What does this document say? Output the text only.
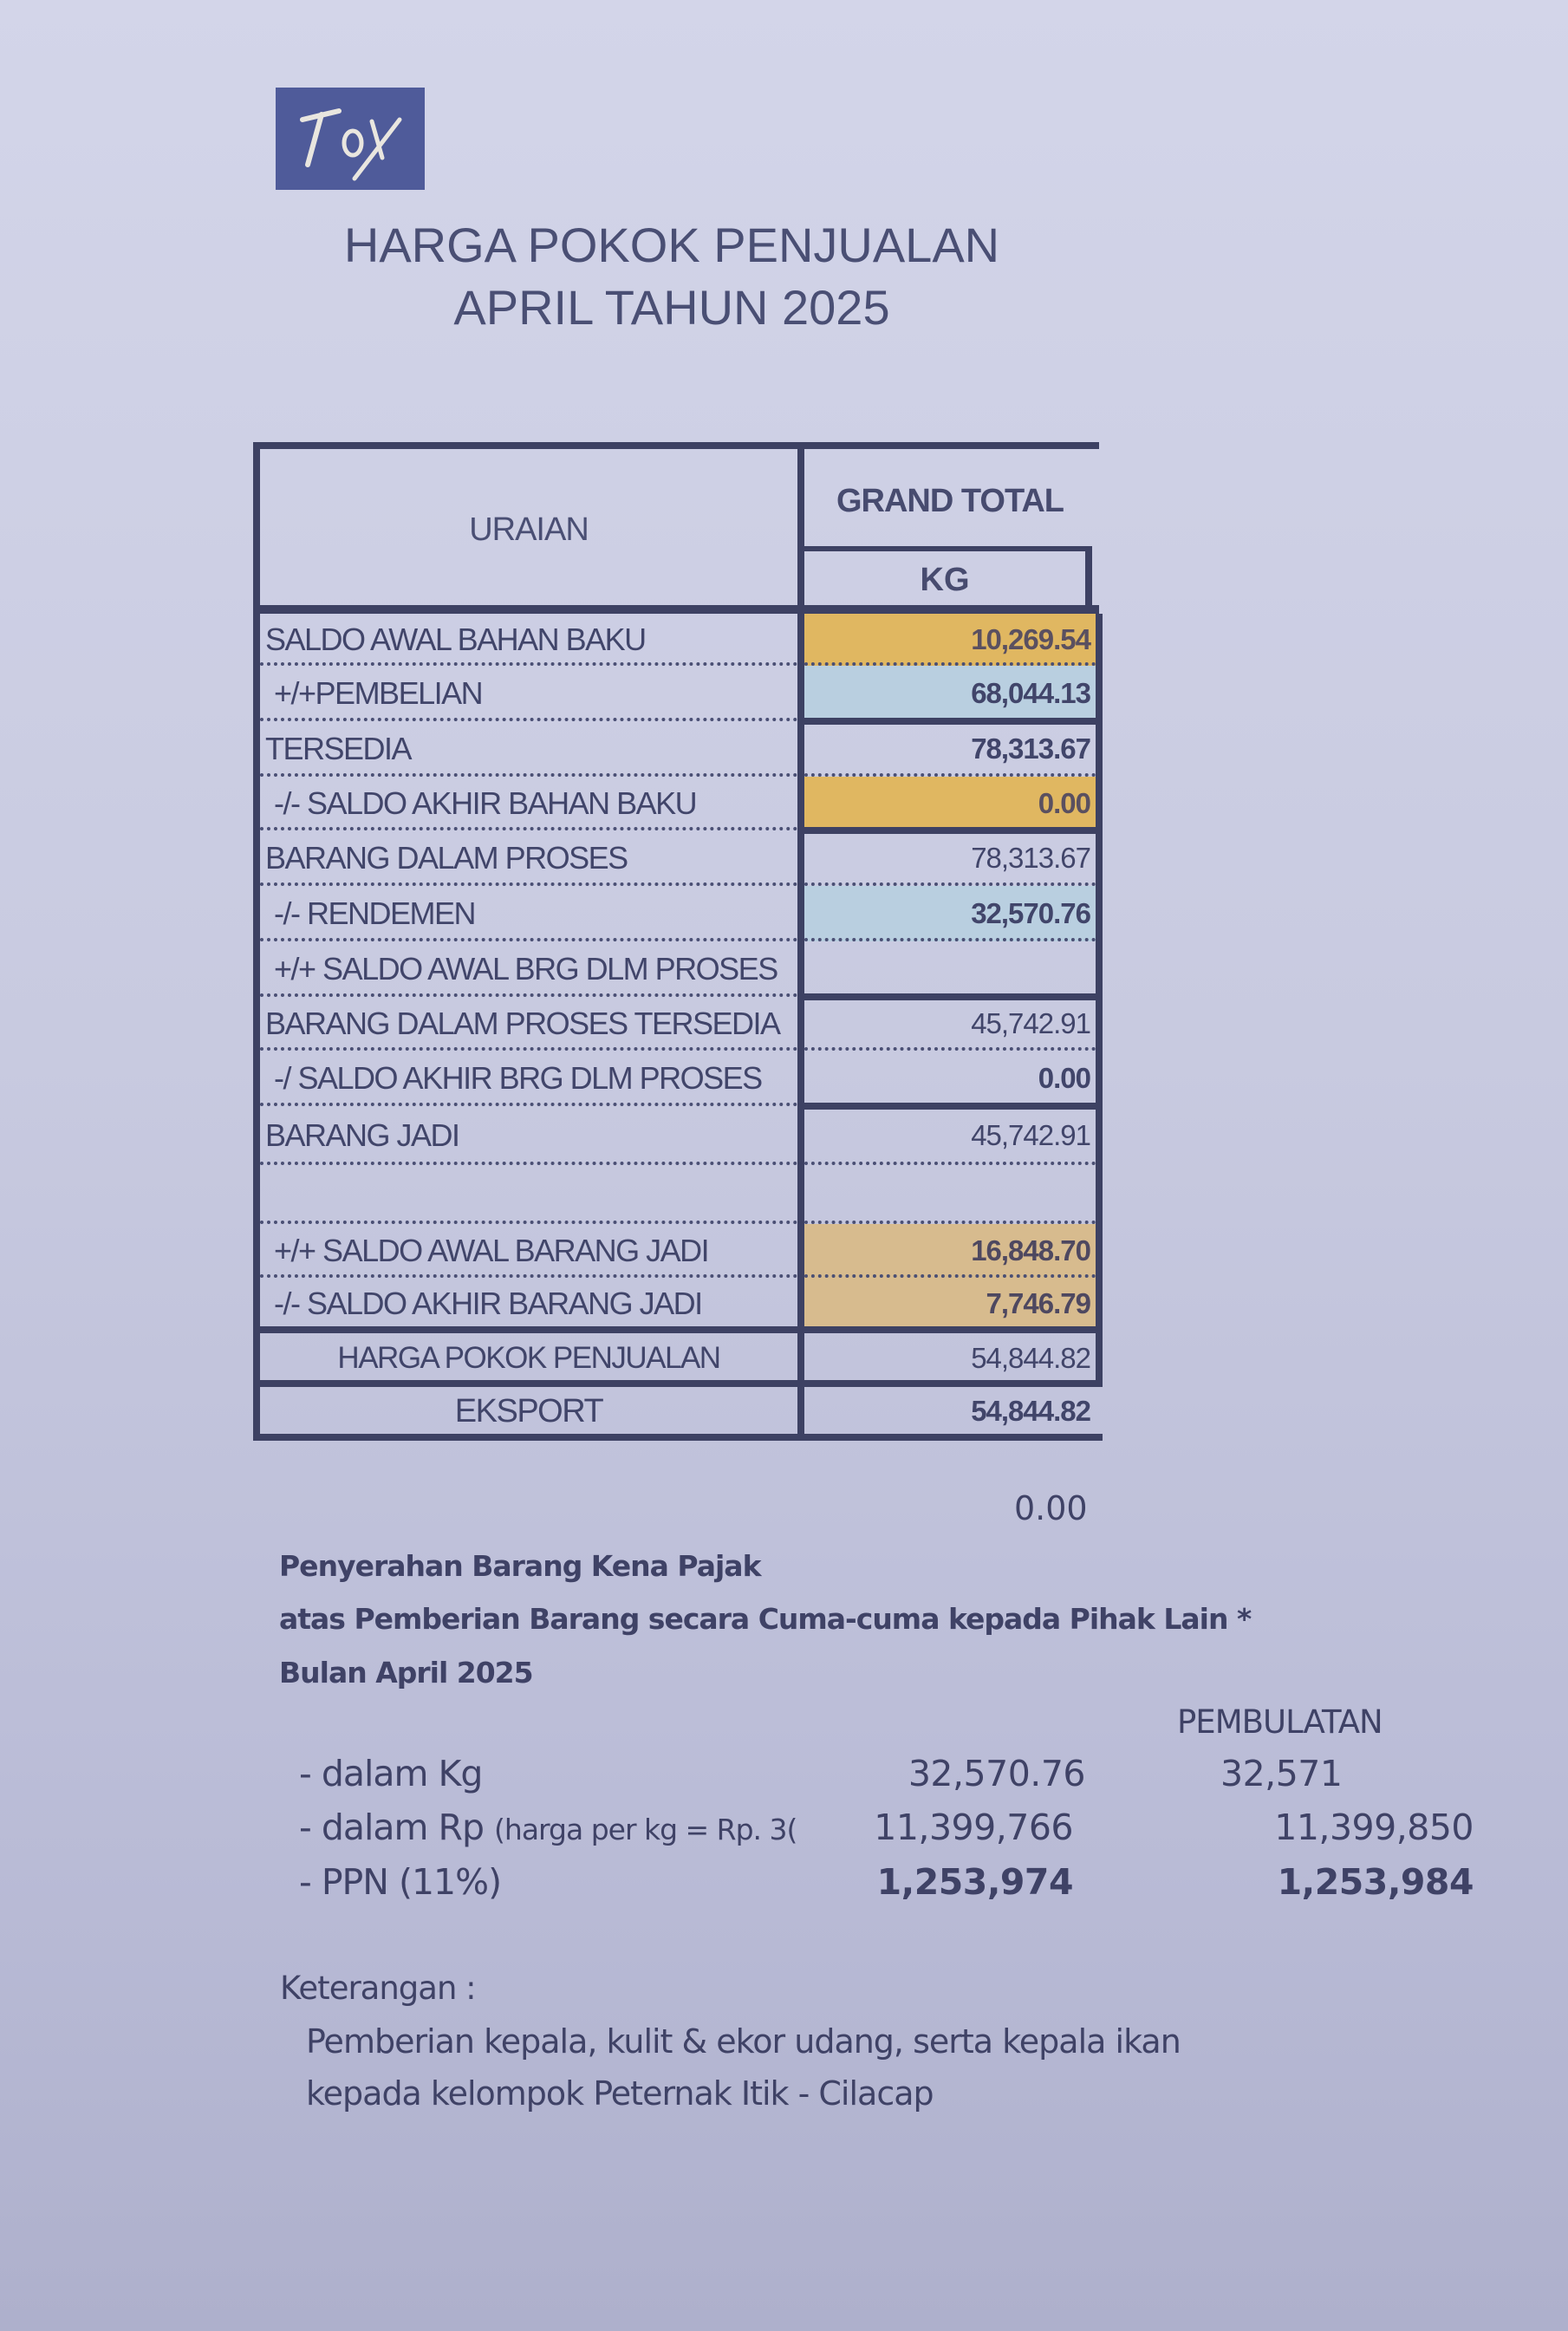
HARGA POKOK PENJUALAN
APRIL TAHUN 2025
URAIAN
GRAND TOTAL
KG
SALDO AWAL BAHAN BAKU	10,269.54
+/+PEMBELIAN	68,044.13
TERSEDIA	78,313.67
-/- SALDO AKHIR BAHAN BAKU	0.00
BARANG DALAM PROSES	78,313.67
-/- RENDEMEN	32,570.76
+/+ SALDO AWAL BRG DLM PROSES
BARANG DALAM PROSES TERSEDIA	45,742.91
-/ SALDO AKHIR BRG DLM PROSES	0.00
BARANG JADI	45,742.91
+/+ SALDO AWAL BARANG JADI	16,848.70
-/- SALDO AKHIR BARANG JADI	7,746.79
HARGA POKOK PENJUALAN	54,844.82
EKSPORT	54,844.82
0.00
Penyerahan Barang Kena Pajak
atas Pemberian Barang secara Cuma-cuma kepada Pihak Lain *
Bulan April 2025
PEMBULATAN
- dalam Kg	32,570.76	32,571
- dalam Rp (harga per kg = Rp. 3(	11,399,766	11,399,850
- PPN (11%)	1,253,974	1,253,984
Keterangan :
Pemberian kepala, kulit & ekor udang, serta kepala ikan
kepada kelompok Peternak Itik - Cilacap
